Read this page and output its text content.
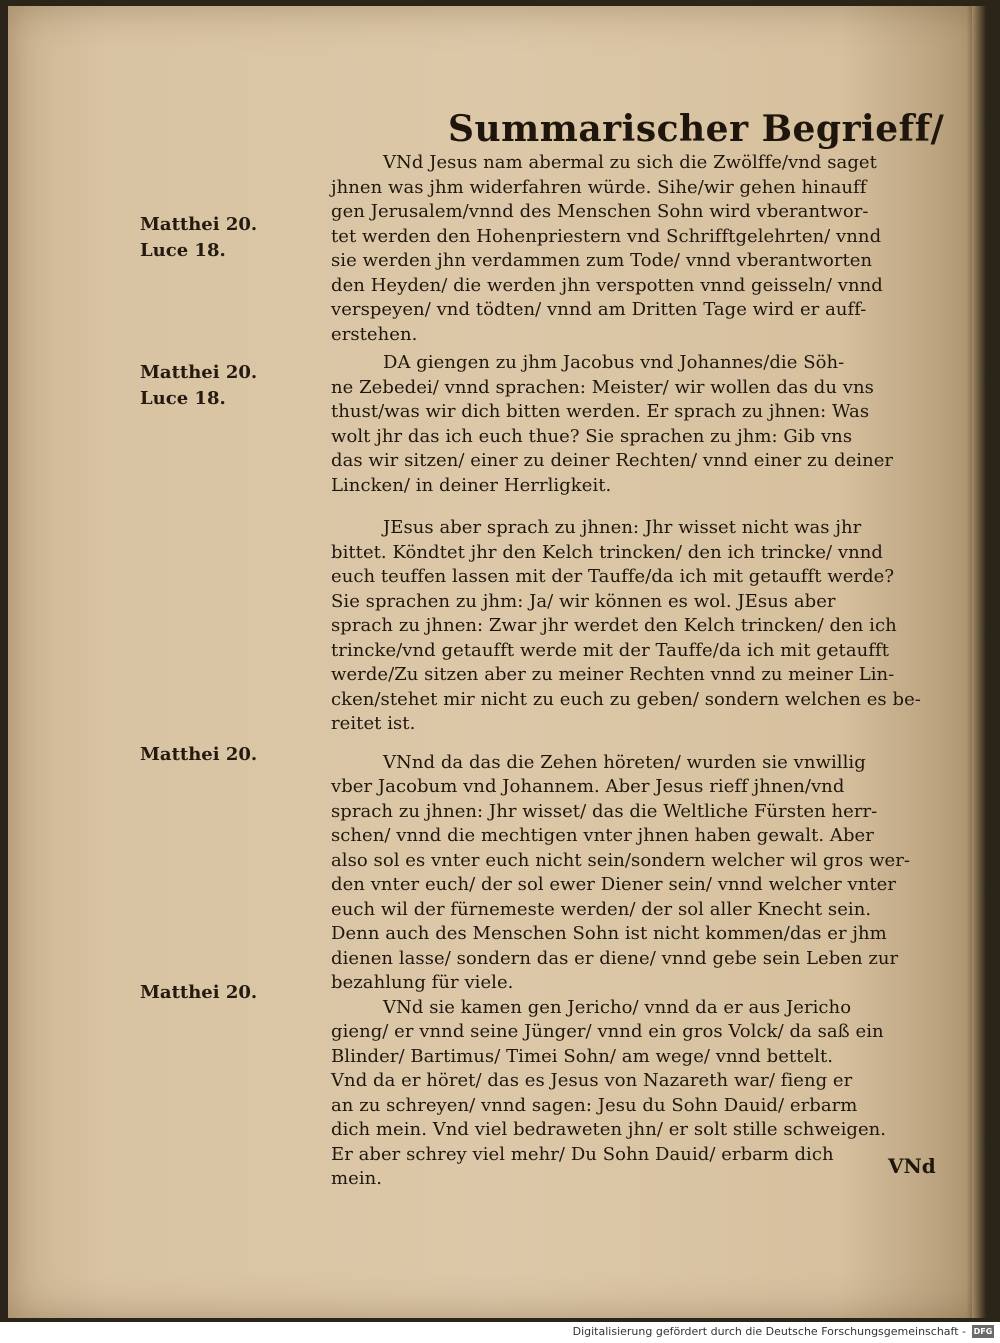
Summarischer Begrieff/
Matthei 20.
Luce 18.
Matthei 20.
Luce 18.
Matthei 20.
Matthei 20.
VNd Jesus nam abermal zu sich die Zwölffe/vnd saget
jhnen was jhm widerfahren würde. Sihe/wir gehen hinauff
gen Jerusalem/vnnd des Menschen Sohn wird vberantwor-
tet werden den Hohenpriestern vnd Schrifftgelehrten/ vnnd
sie werden jhn verdammen zum Tode/ vnnd vberantworten
den Heyden/ die werden jhn verspotten vnnd geisseln/ vnnd
verspeyen/ vnd tödten/ vnnd am Dritten Tage wird er auff-
erstehen.
DA giengen zu jhm Jacobus vnd Johannes/die Söh-
ne Zebedei/ vnnd sprachen: Meister/ wir wollen das du vns
thust/was wir dich bitten werden. Er sprach zu jhnen: Was
wolt jhr das ich euch thue? Sie sprachen zu jhm: Gib vns
das wir sitzen/ einer zu deiner Rechten/ vnnd einer zu deiner
Lincken/ in deiner Herrligkeit.
JEsus aber sprach zu jhnen: Jhr wisset nicht was jhr
bittet. Köndtet jhr den Kelch trincken/ den ich trincke/ vnnd
euch teuffen lassen mit der Tauffe/da ich mit getaufft werde?
Sie sprachen zu jhm: Ja/ wir können es wol. JEsus aber
sprach zu jhnen: Zwar jhr werdet den Kelch trincken/ den ich
trincke/vnd getaufft werde mit der Tauffe/da ich mit getaufft
werde/Zu sitzen aber zu meiner Rechten vnnd zu meiner Lin-
cken/stehet mir nicht zu euch zu geben/ sondern welchen es be-
reitet ist.
VNnd da das die Zehen höreten/ wurden sie vnwillig
vber Jacobum vnd Johannem. Aber Jesus rieff jhnen/vnd
sprach zu jhnen: Jhr wisset/ das die Weltliche Fürsten herr-
schen/ vnnd die mechtigen vnter jhnen haben gewalt. Aber
also sol es vnter euch nicht sein/sondern welcher wil gros wer-
den vnter euch/ der sol ewer Diener sein/ vnnd welcher vnter
euch wil der fürnemeste werden/ der sol aller Knecht sein.
Denn auch des Menschen Sohn ist nicht kommen/das er jhm
dienen lasse/ sondern das er diene/ vnnd gebe sein Leben zur
bezahlung für viele.
VNd sie kamen gen Jericho/ vnnd da er aus Jericho
gieng/ er vnnd seine Jünger/ vnnd ein gros Volck/ da saß ein
Blinder/ Bartimus/ Timei Sohn/ am wege/ vnnd bettelt.
Vnd da er höret/ das es Jesus von Nazareth war/ fieng er
an zu schreyen/ vnnd sagen: Jesu du Sohn Dauid/ erbarm
dich mein. Vnd viel bedraweten jhn/ er solt stille schweigen.
Er aber schrey viel mehr/ Du Sohn Dauid/ erbarm dich
mein.
VNd
Digitalisierung gefördert durch die Deutsche Forschungsgemeinschaft - DFG
